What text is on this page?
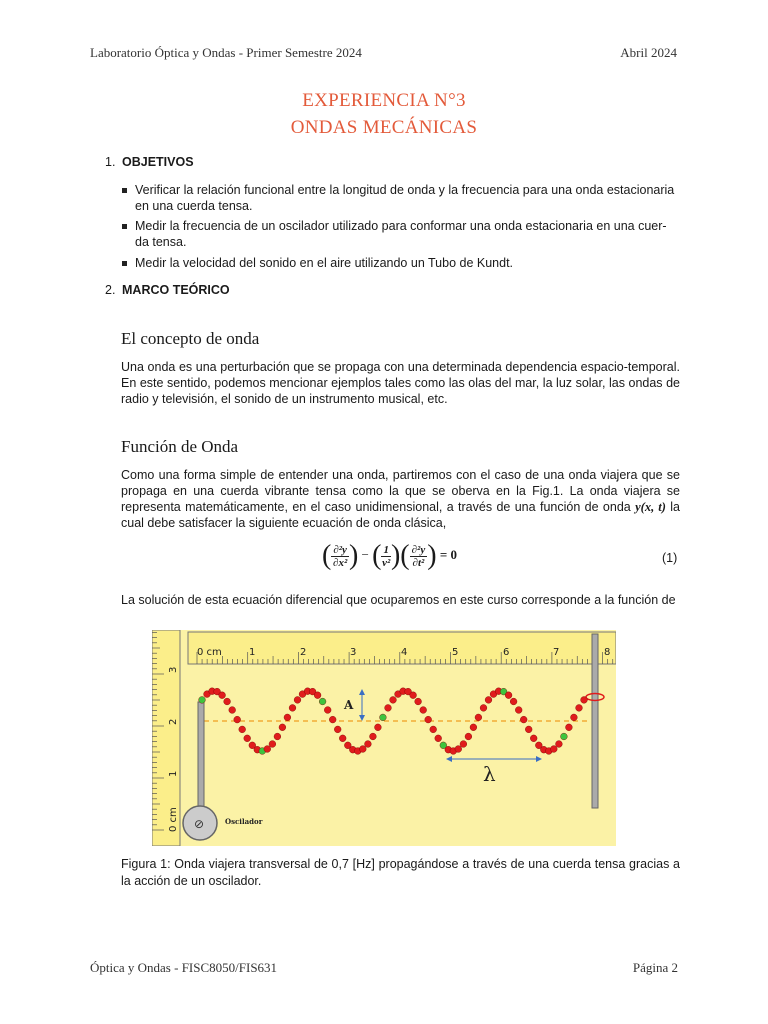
Laboratorio Óptica y Ondas - Primer Semestre 2024	Abril 2024
EXPERIENCIA N°3
ONDAS MECÁNICAS
1. OBJETIVOS
Verificar la relación funcional entre la longitud de onda y la frecuencia para una onda estacionaria en una cuerda tensa.
Medir la frecuencia de un oscilador utilizado para conformar una onda estacionaria en una cuer-da tensa.
Medir la velocidad del sonido en el aire utilizando un Tubo de Kundt.
2. MARCO TEÓRICO
El concepto de onda
Una onda es una perturbación que se propaga con una determinada dependencia espacio-temporal. En este sentido, podemos mencionar ejemplos tales como las olas del mar, la luz solar, las ondas de radio y televisión, el sonido de un instrumento musical, etc.
Función de Onda
Como una forma simple de entender una onda, partiremos con el caso de una onda viajera que se propaga en una cuerda vibrante tensa como la que se oberva en la Fig.1. La onda viajera se representa matemáticamente, en el caso unidimensional, a través de una función de onda y(x, t) la cual debe satisfacer la siguiente ecuación de onda clásica,
( $\frac{\text{∂²y}}{\text{∂x²}}$ ) − ( $\frac{1}{\text{v²}}$ )( $\frac{\text{∂²y}}{\text{∂t²}}$ ) = 0	(1)
La solución de esta ecuación diferencial que ocuparemos en este curso corresponde a la función de
0 cm	1	2	3	4	5	6	7	8
0 cm
1
2
3
A
λ
⊘	Oscilador
Figura 1: Onda viajera transversal de 0,7 [Hz] propagándose a través de una cuerda tensa gracias a la acción de un oscilador.
Óptica y Ondas - FISC8050/FIS631	Página 2
